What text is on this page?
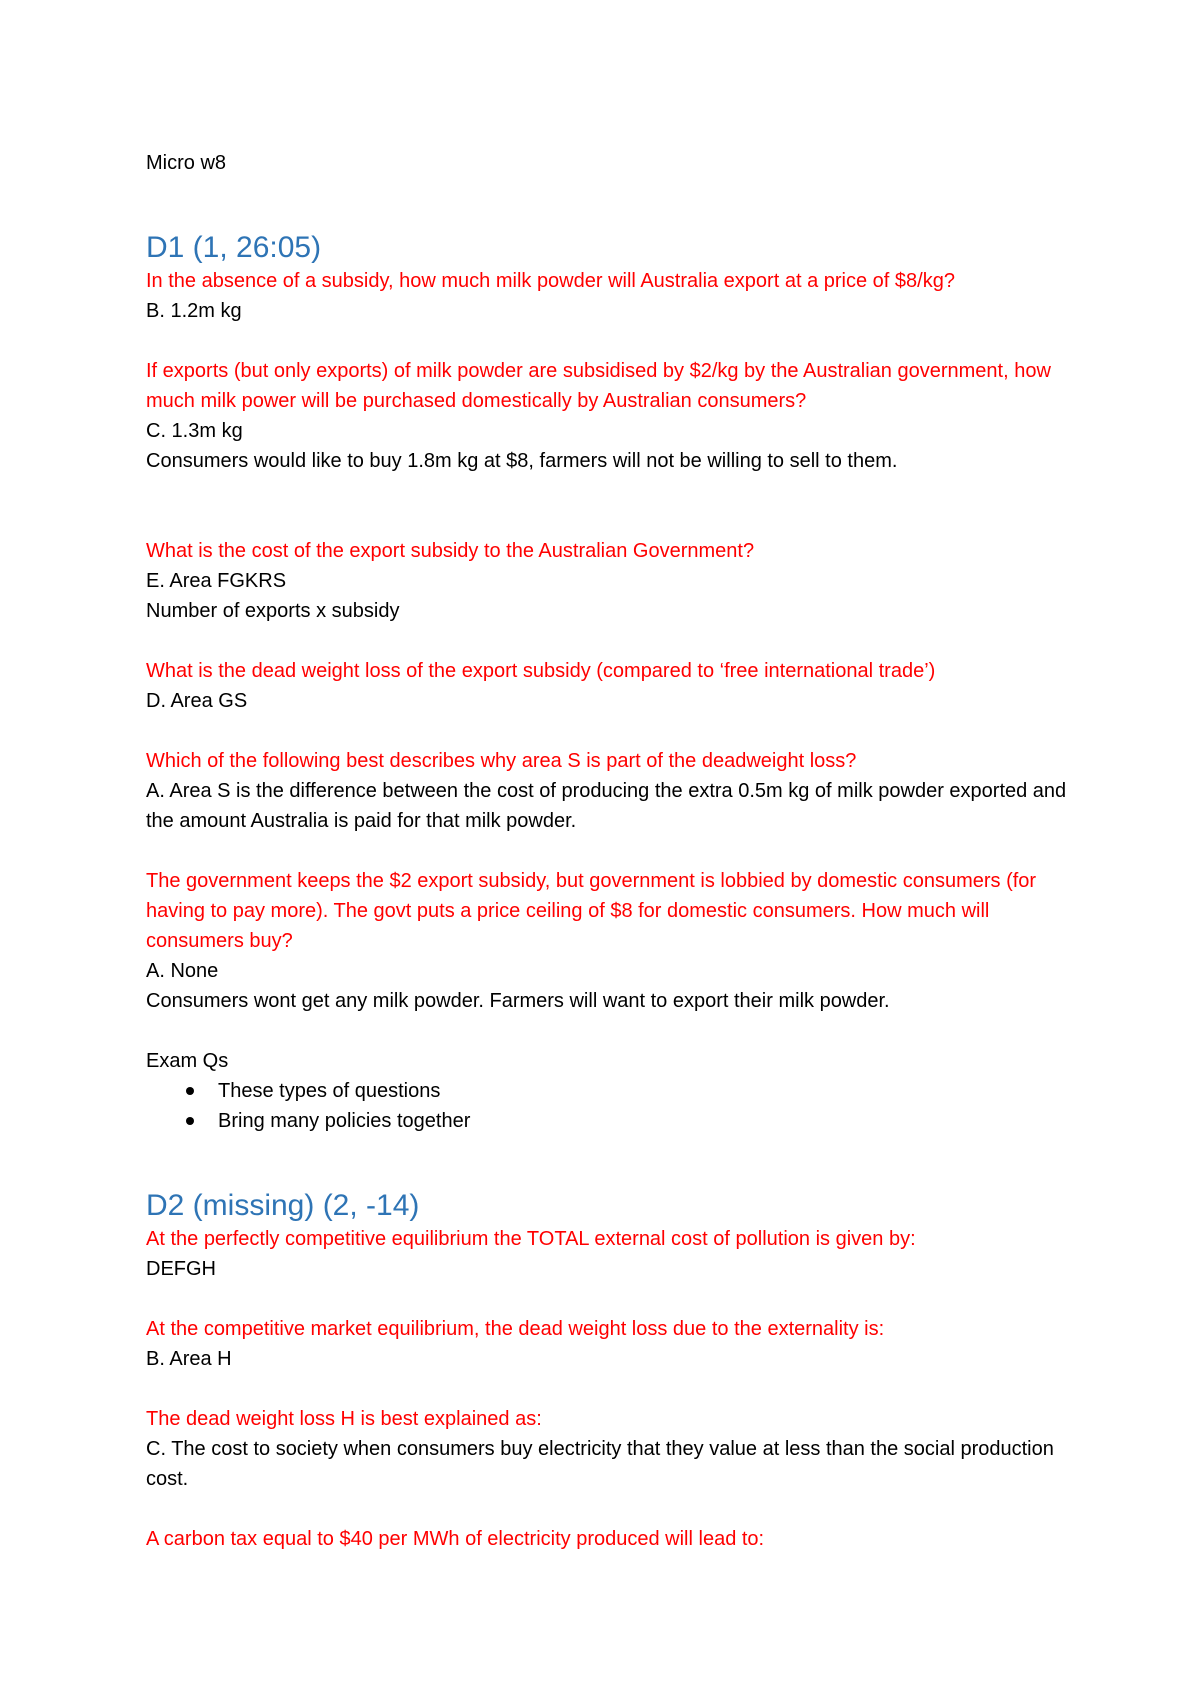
Micro w8
D1 (1, 26:05)

In the absence of a subsidy, how much milk powder will Australia export at a price of $8/kg?

B. 1.2m kg

If exports (but only exports) of milk powder are subsidised by $2/kg by the Australian government, how much milk power will be purchased domestically by Australian consumers?

C. 1.3m kg

Consumers would like to buy 1.8m kg at $8, farmers will not be willing to sell to them.

What is the cost of the export subsidy to the Australian Government?

E. Area FGKRS

Number of exports x subsidy

What is the dead weight loss of the export subsidy (compared to ‘free international trade’)

D. Area GS

Which of the following best describes why area S is part of the deadweight loss?

A. Area S is the difference between the cost of producing the extra 0.5m kg of milk powder exported and the amount Australia is paid for that milk powder.

The government keeps the $2 export subsidy, but government is lobbied by domestic consumers (for having to pay more). The govt puts a price ceiling of $8 for domestic consumers. How much will consumers buy?

A. None

Consumers wont get any milk powder. Farmers will want to export their milk powder.

Exam Qs
These types of questions
Bring many policies together
D2 (missing) (2, -14)

At the perfectly competitive equilibrium the TOTAL external cost of pollution is given by:

DEFGH

At the competitive market equilibrium, the dead weight loss due to the externality is:

B. Area H

The dead weight loss H is best explained as:

C. The cost to society when consumers buy electricity that they value at less than the social production cost.

A carbon tax equal to $40 per MWh of electricity produced will lead to:
